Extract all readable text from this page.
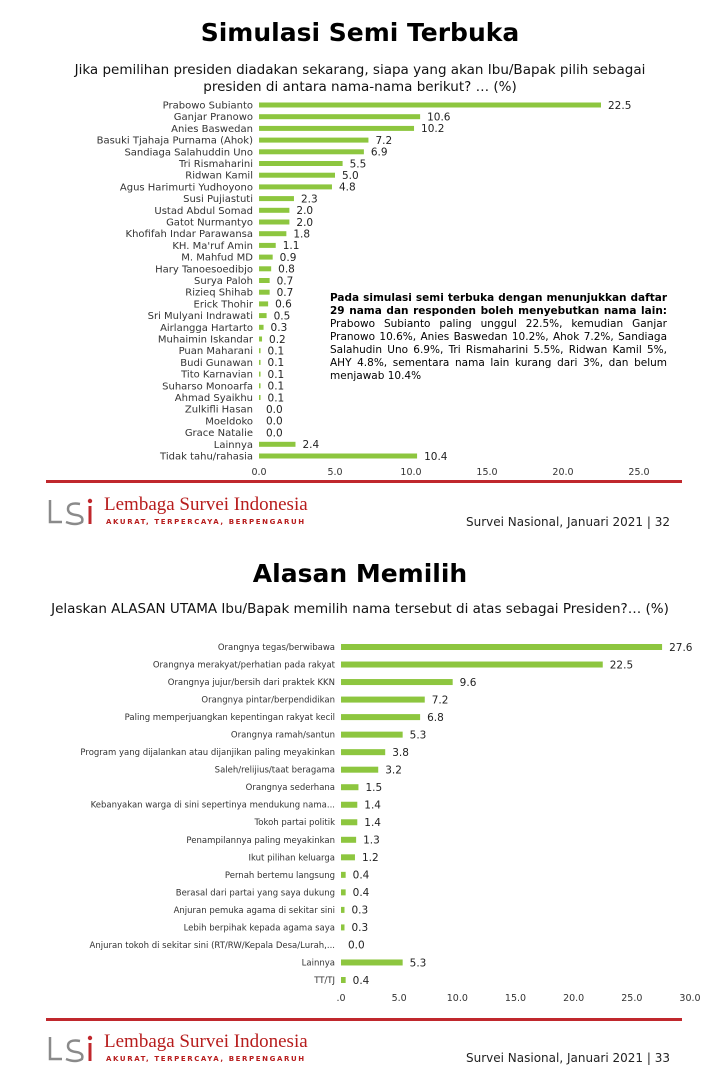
Simulasi Semi Terbuka
Jika pemilihan presiden diadakan sekarang, siapa yang akan Ibu/Bapak pilih sebagai presiden di antara nama-nama berikut? … (%)
Prabowo Subianto	22.5
Ganjar Pranowo	10.6
Anies Baswedan	10.2
Basuki Tjahaja Purnama (Ahok)	7.2
Sandiaga Salahuddin Uno	6.9
Tri Rismaharini	5.5
Ridwan Kamil	5.0
Agus Harimurti Yudhoyono	4.8
Susi Pujiastuti	2.3
Ustad Abdul Somad	2.0
Gatot Nurmantyo	2.0
Khofifah Indar Parawansa	1.8
KH. Ma'ruf Amin	1.1
M. Mahfud MD	0.9
Hary Tanoesoedibjo 0.8
Surya Paloh 0.7
Rizieq Shihab 0.7
Erick Thohir 0.6
Sri Mulyani Indrawati 0.5
Airlangga Hartarto 0.3
Muhaimin Iskandar 0.2
Puan Maharani 0.1
Budi Gunawan 0.1
Tito Karnavian 0.1
Suharso Monoarfa 0.1
Ahmad Syaikhu 0.1
Zulkifli Hasan 0.0
Moeldoko 0.0
Grace Natalie 0.0
Lainnya	2.4
Tidak tahu/rahasia	10.4
0.0	5.0	10.0	15.0	20.0	25.0
Pada simulasi semi terbuka dengan menunjukkan daftar 29 nama dan responden boleh menyebutkan nama lain: Prabowo Subianto paling unggul 22.5%, kemudian Ganjar Pranowo 10.6%, Anies Baswedan 10.2%, Ahok 7.2%, Sandiaga Salahudin Uno 6.9%, Tri Rismaharini 5.5%, Ridwan Kamil 5%, AHY 4.8%, sementara nama lain kurang dari 3%, dan belum menjawab 10.4%
Lembaga Survei Indonesia
AKURAT, TERPERCAYA, BERPENGARUH	Survei Nasional, Januari 2021 | 32
Alasan Memilih
Jelaskan ALASAN UTAMA Ibu/Bapak memilih nama tersebut di atas sebagai Presiden?… (%)
Orangnya tegas/berwibawa	27.6
Orangnya merakyat/perhatian pada rakyat	22.5
Orangnya jujur/bersih dari praktek KKN	9.6
Orangnya pintar/berpendidikan	7.2
Paling memperjuangkan kepentingan rakyat kecil	6.8
Orangnya ramah/santun	5.3
Program yang dijalankan atau dijanjikan paling meyakinkan	3.8
Saleh/relijius/taat beragama	3.2
Orangnya sederhana	1.5
Kebanyakan warga di sini sepertinya mendukung nama...	1.4
Tokoh partai politik	1.4
Penampilannya paling meyakinkan	1.3
Ikut pilihan keluarga	1.2
Pernah bertemu langsung 0.4
Berasal dari partai yang saya dukung 0.4
Anjuran pemuka agama di sekitar sini 0.3
Lebih berpihak kepada agama saya 0.3
Anjuran tokoh di sekitar sini (RT/RW/Kepala Desa/Lurah,... 0.0
Lainnya	5.3
TT/TJ 0.4
.0	5.0	10.0	15.0	20.0	25.0	30.0
Lembaga Survei Indonesia
AKURAT, TERPERCAYA, BERPENGARUH	Survei Nasional, Januari 2021 | 33
